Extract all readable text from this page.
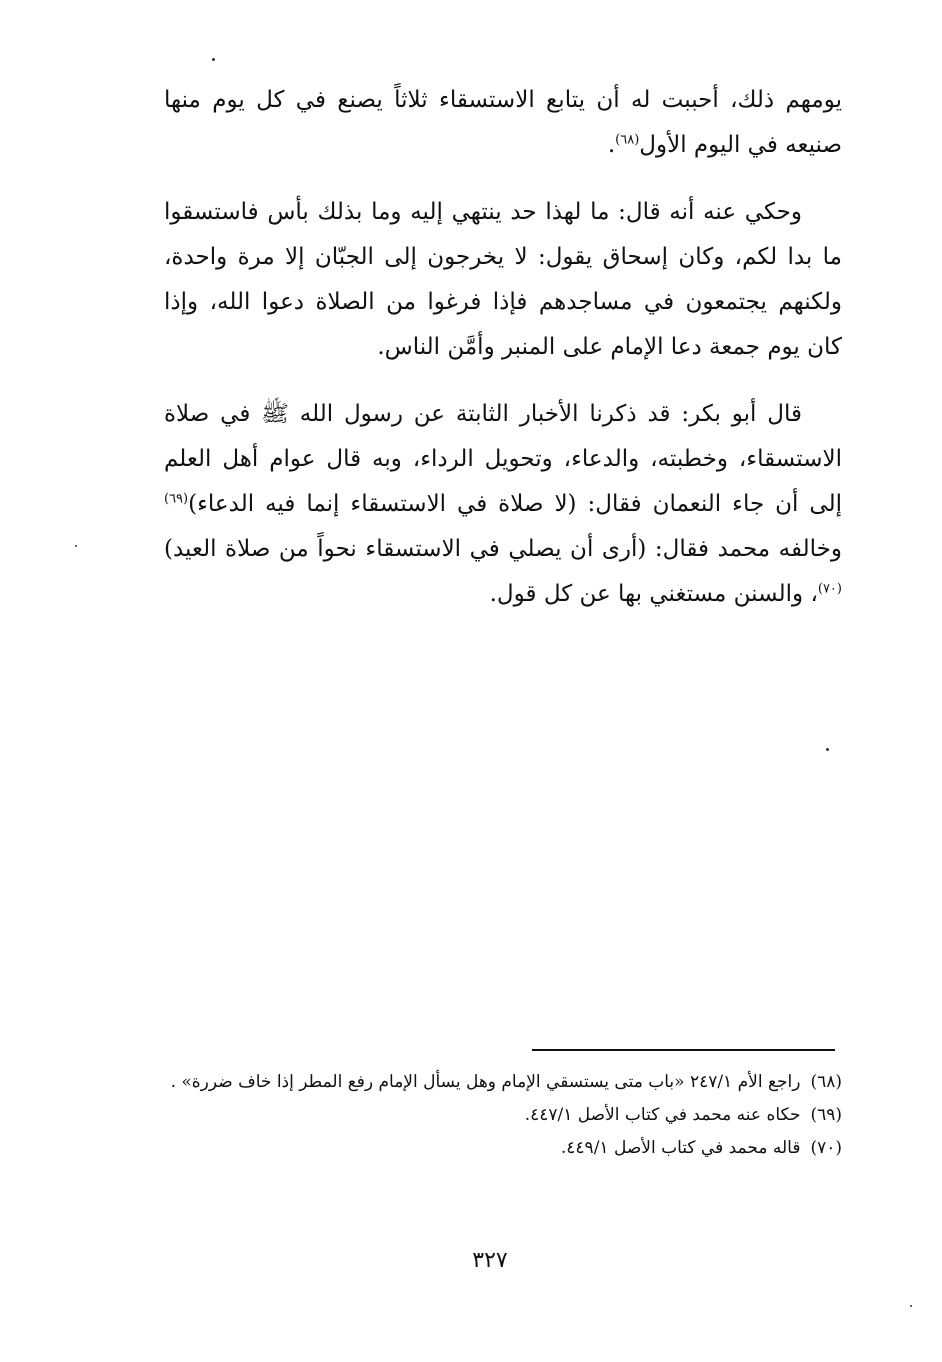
يومهم ذلك، أحببت له أن يتابع الاستسقاء ثلاثاً يصنع في كل يوم منها صنيعه في اليوم الأول$^{(٦٨)}$.

وحكي عنه أنه قال: ما لهذا حد ينتهي إليه وما بذلك بأس فاستسقوا ما بدا لكم، وكان إسحاق يقول: لا يخرجون إلى الجبّان إلا مرة واحدة، ولكنهم يجتمعون في مساجدهم فإذا فرغوا من الصلاة دعوا الله، وإذا كان يوم جمعة دعا الإمام على المنبر وأمَّن الناس.

قال أبو بكر: قد ذكرنا الأخبار الثابتة عن رسول الله ﷺ في صلاة الاستسقاء، وخطبته، والدعاء، وتحويل الرداء، وبه قال عوام أهل العلم إلى أن جاء النعمان فقال: (لا صلاة في الاستسقاء إنما فيه الدعاء)$^{(٦٩)}$ وخالفه محمد فقال: (أرى أن يصلي في الاستسقاء نحواً من صلاة العيد)$^{(٧٠)}$، والسنن مستغني بها عن كل قول.

(٦٨)راجع الأم ٢٤٧/١ «باب متى يستسقي الإمام وهل يسأل الإمام رفع المطر إذا خاف ضررة» .

(٦٩)حكاه عنه محمد في كتاب الأصل ٤٤٧/١.

(٧٠)قاله محمد في كتاب الأصل ٤٤٩/١.

٣٢٧
